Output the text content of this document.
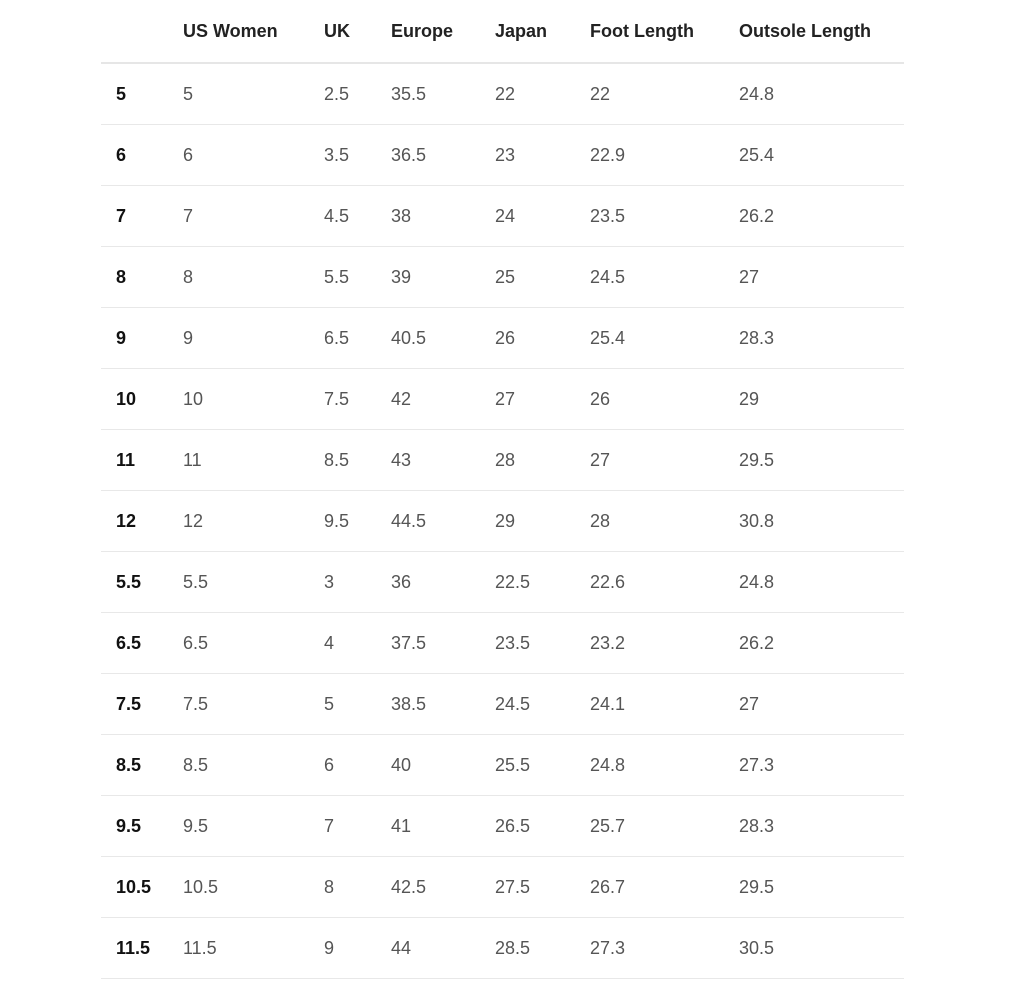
	US Women	UK	Europe	Japan	Foot Length	Outsole Length
5	5	2.5	35.5	22	22	24.8
6	6	3.5	36.5	23	22.9	25.4
7	7	4.5	38	24	23.5	26.2
8	8	5.5	39	25	24.5	27
9	9	6.5	40.5	26	25.4	28.3
10	10	7.5	42	27	26	29
11	11	8.5	43	28	27	29.5
12	12	9.5	44.5	29	28	30.8
5.5	5.5	3	36	22.5	22.6	24.8
6.5	6.5	4	37.5	23.5	23.2	26.2
7.5	7.5	5	38.5	24.5	24.1	27
8.5	8.5	6	40	25.5	24.8	27.3
9.5	9.5	7	41	26.5	25.7	28.3
10.5	10.5	8	42.5	27.5	26.7	29.5
11.5	11.5	9	44	28.5	27.3	30.5
